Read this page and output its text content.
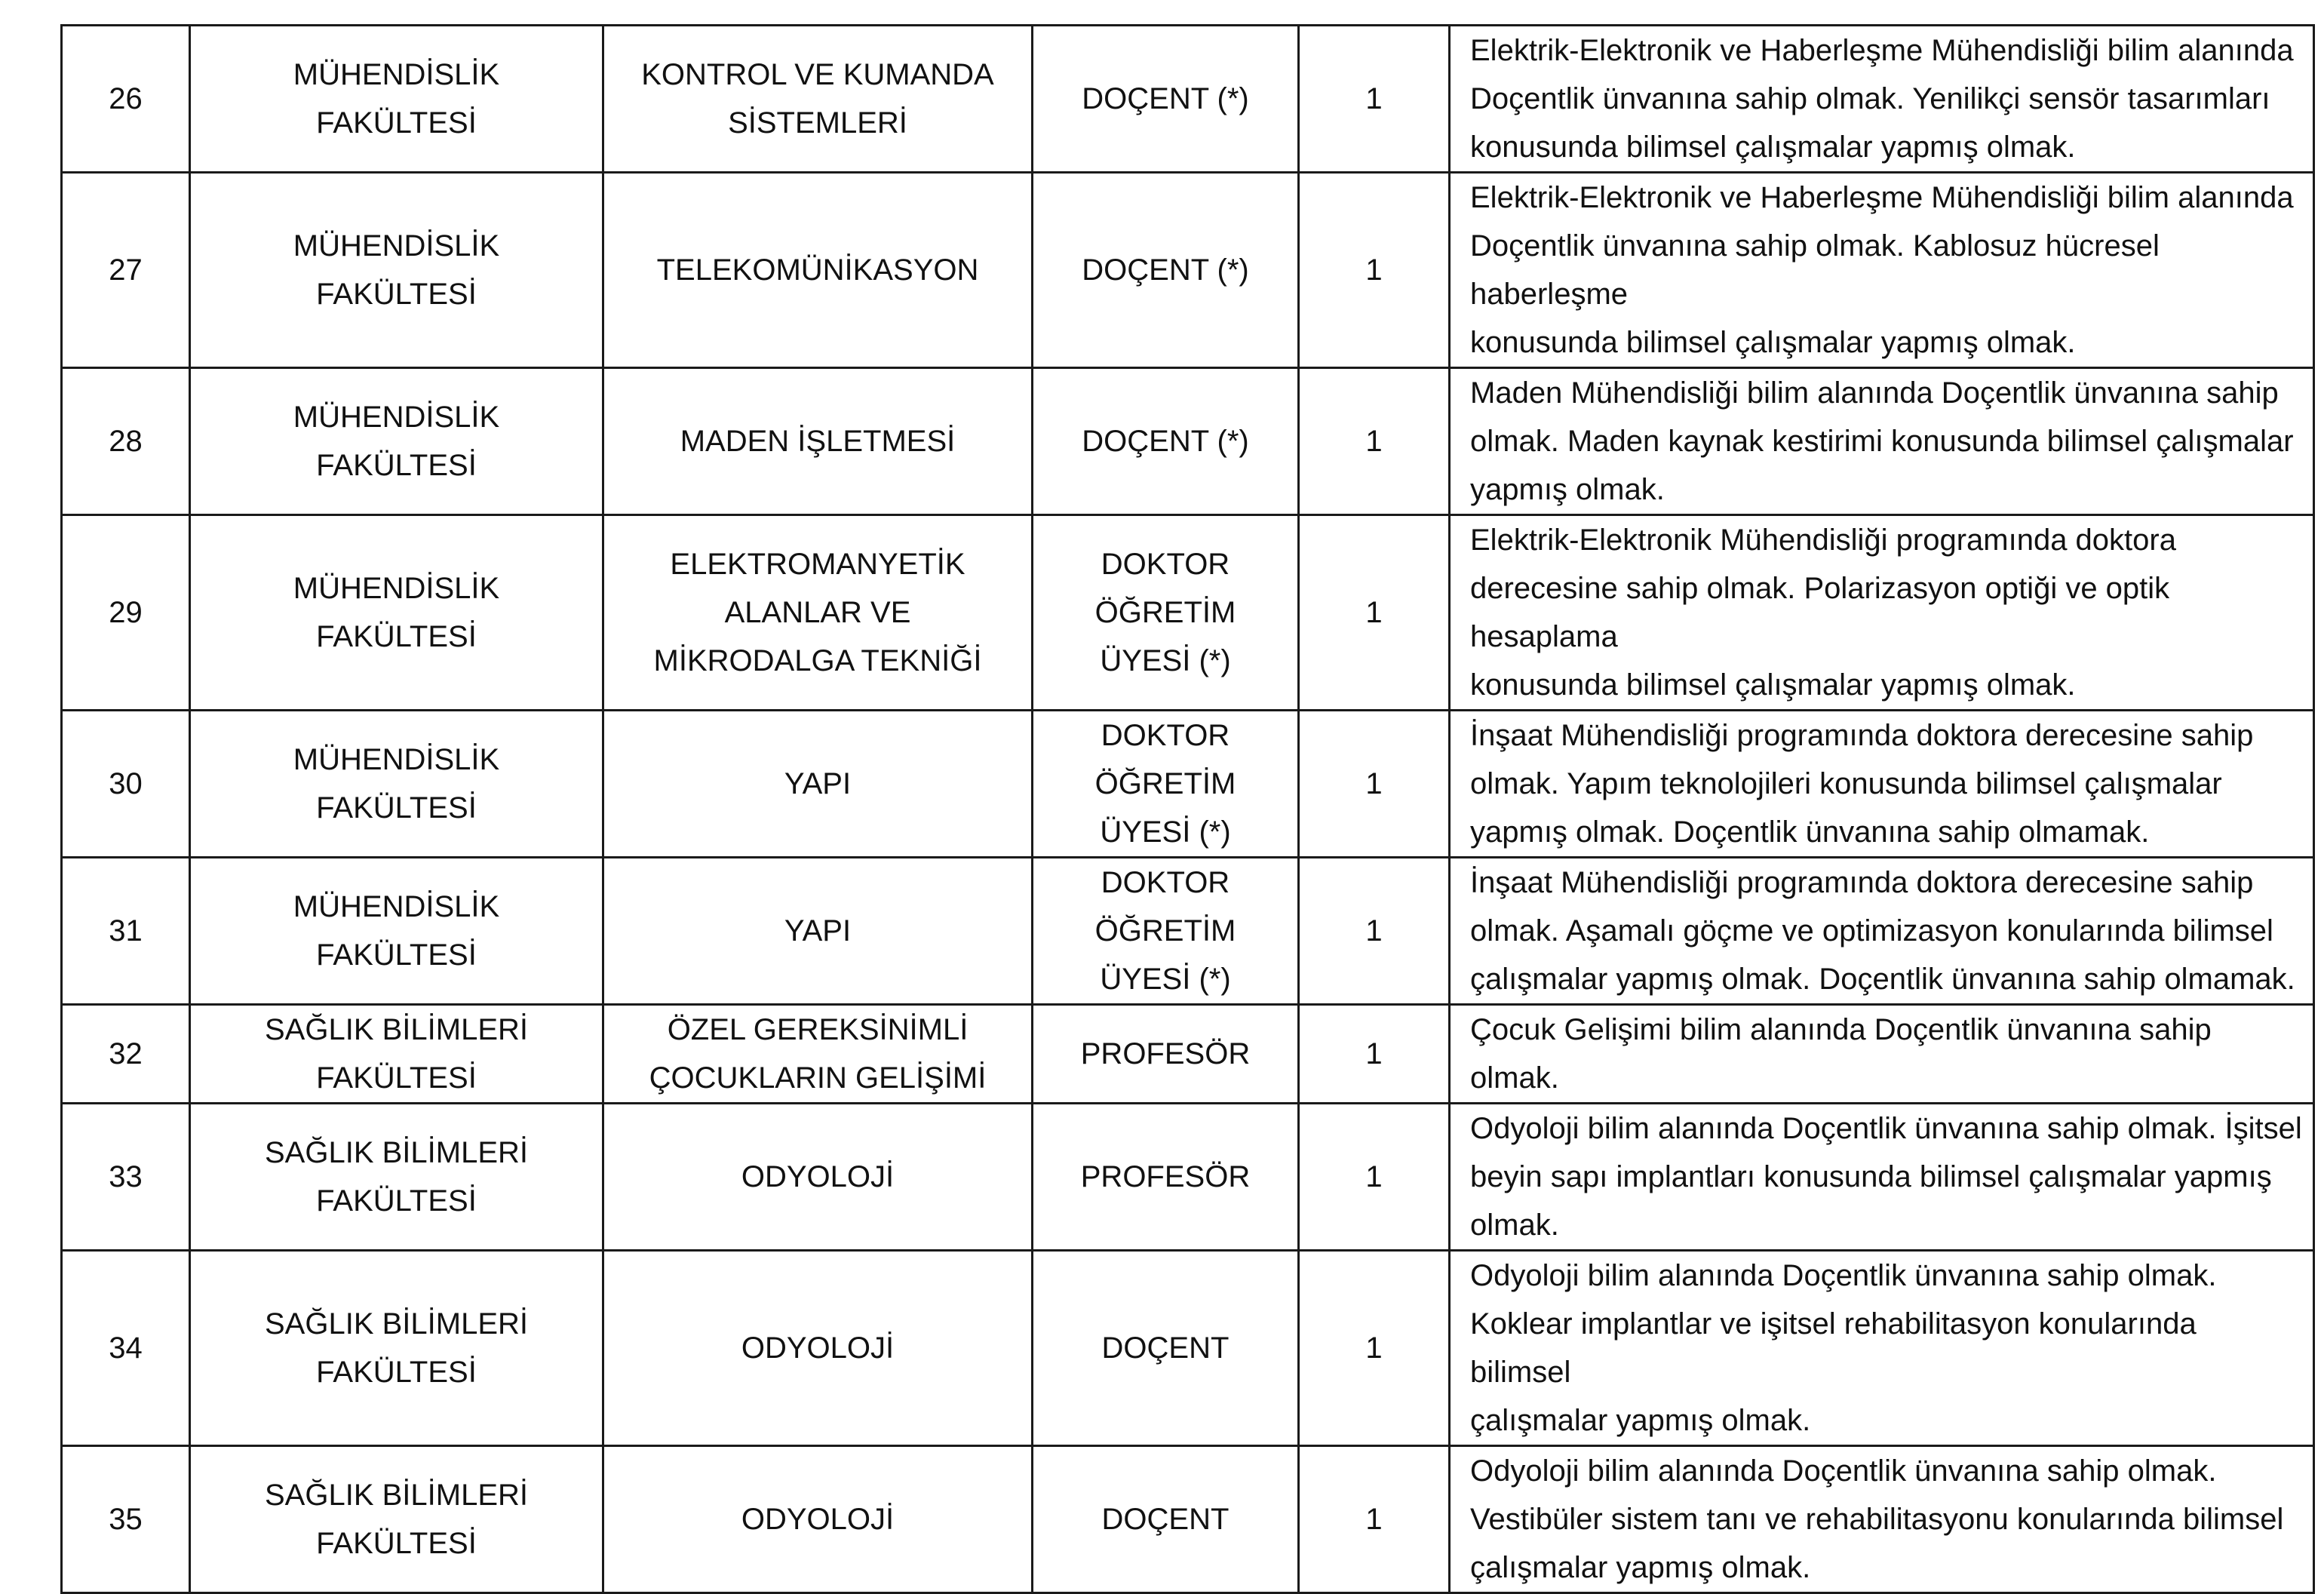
26	MÜHENDİSLİK
FAKÜLTESİ	KONTROL VE KUMANDA
SİSTEMLERİ	DOÇENT (*)	1	Elektrik-Elektronik ve Haberleşme Mühendisliği bilim alanında
Doçentlik ünvanına sahip olmak. Yenilikçi sensör tasarımları
konusunda bilimsel çalışmalar yapmış olmak.
27	MÜHENDİSLİK
FAKÜLTESİ	TELEKOMÜNİKASYON	DOÇENT (*)	1	Elektrik-Elektronik ve Haberleşme Mühendisliği bilim alanında
Doçentlik ünvanına sahip olmak. Kablosuz hücresel haberleşme
konusunda bilimsel çalışmalar yapmış olmak.
28	MÜHENDİSLİK
FAKÜLTESİ	MADEN İŞLETMESİ	DOÇENT (*)	1	Maden Mühendisliği bilim alanında Doçentlik ünvanına sahip
olmak. Maden kaynak kestirimi konusunda bilimsel çalışmalar
yapmış olmak.
29	MÜHENDİSLİK
FAKÜLTESİ	ELEKTROMANYETİK
ALANLAR VE
MİKRODALGA TEKNİĞİ	DOKTOR
ÖĞRETİM
ÜYESİ (*)	1	Elektrik-Elektronik Mühendisliği programında doktora
derecesine sahip olmak. Polarizasyon optiği ve optik hesaplama
konusunda bilimsel çalışmalar yapmış olmak.
30	MÜHENDİSLİK
FAKÜLTESİ	YAPI	DOKTOR
ÖĞRETİM
ÜYESİ (*)	1	İnşaat Mühendisliği programında doktora derecesine sahip
olmak. Yapım teknolojileri konusunda bilimsel çalışmalar
yapmış olmak. Doçentlik ünvanına sahip olmamak.
31	MÜHENDİSLİK
FAKÜLTESİ	YAPI	DOKTOR
ÖĞRETİM
ÜYESİ (*)	1	İnşaat Mühendisliği programında doktora derecesine sahip
olmak. Aşamalı göçme ve optimizasyon konularında bilimsel
çalışmalar yapmış olmak. Doçentlik ünvanına sahip olmamak.
32	SAĞLIK BİLİMLERİ
FAKÜLTESİ	ÖZEL GEREKSİNİMLİ
ÇOCUKLARIN GELİŞİMİ	PROFESÖR	1	Çocuk Gelişimi bilim alanında Doçentlik ünvanına sahip olmak.
33	SAĞLIK BİLİMLERİ
FAKÜLTESİ	ODYOLOJİ	PROFESÖR	1	Odyoloji bilim alanında Doçentlik ünvanına sahip olmak. İşitsel
beyin sapı implantları konusunda bilimsel çalışmalar yapmış
olmak.
34	SAĞLIK BİLİMLERİ
FAKÜLTESİ	ODYOLOJİ	DOÇENT	1	Odyoloji bilim alanında Doçentlik ünvanına sahip olmak.
Koklear implantlar ve işitsel rehabilitasyon konularında bilimsel
çalışmalar yapmış olmak.
35	SAĞLIK BİLİMLERİ
FAKÜLTESİ	ODYOLOJİ	DOÇENT	1	Odyoloji bilim alanında Doçentlik ünvanına sahip olmak.
Vestibüler sistem tanı ve rehabilitasyonu konularında bilimsel
çalışmalar yapmış olmak.
